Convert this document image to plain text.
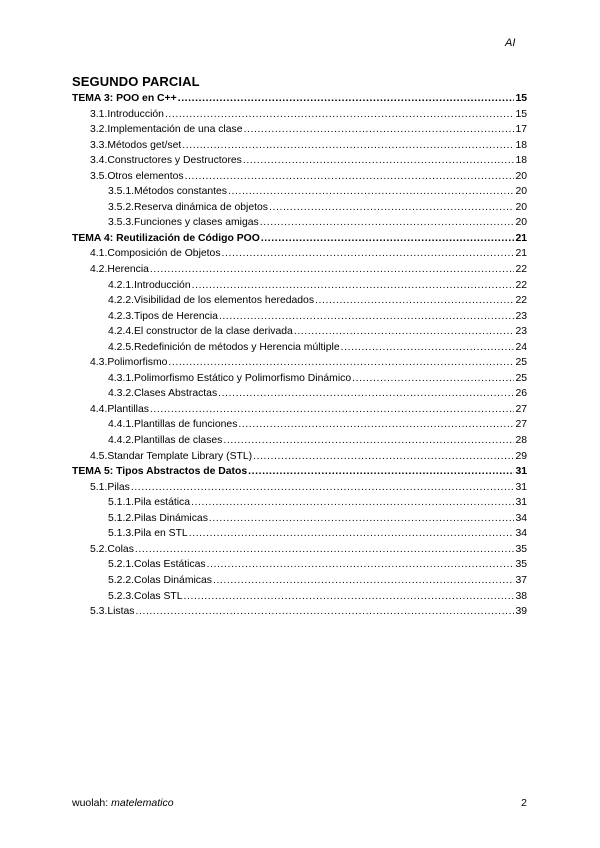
AI
SEGUNDO PARCIAL
TEMA 3: POO en C++ .....	15
3.1.Introducción .....	15
3.2.Implementación de una clase .....	17
3.3.Métodos get/set .....	18
3.4.Constructores y Destructores .....	18
3.5.Otros elementos .....	20
3.5.1.Métodos constantes .....	20
3.5.2.Reserva dinámica de objetos .....	20
3.5.3.Funciones y clases amigas .....	20
TEMA 4: Reutilización de Código POO .....	21
4.1.Composición de Objetos .....	21
4.2.Herencia .....	22
4.2.1.Introducción .....	22
4.2.2.Visibilidad de los elementos heredados .....	22
4.2.3.Tipos de Herencia .....	23
4.2.4.El constructor de la clase derivada .....	23
4.2.5.Redefinición de métodos y Herencia múltiple .....	24
4.3.Polimorfismo .....	25
4.3.1.Polimorfismo Estático y Polimorfismo Dinámico .....	25
4.3.2.Clases Abstractas .....	26
4.4.Plantillas .....	27
4.4.1.Plantillas de funciones .....	27
4.4.2.Plantillas de clases .....	28
4.5.Standar Template Library (STL) .....	29
TEMA 5: Tipos Abstractos de Datos .....	31
5.1.Pilas .....	31
5.1.1.Pila estática .....	31
5.1.2.Pilas Dinámicas .....	34
5.1.3.Pila en STL .....	34
5.2.Colas .....	35
5.2.1.Colas Estáticas .....	35
5.2.2.Colas Dinámicas .....	37
5.2.3.Colas STL .....	38
5.3.Listas .....	39
wuolah: matelematico	2
